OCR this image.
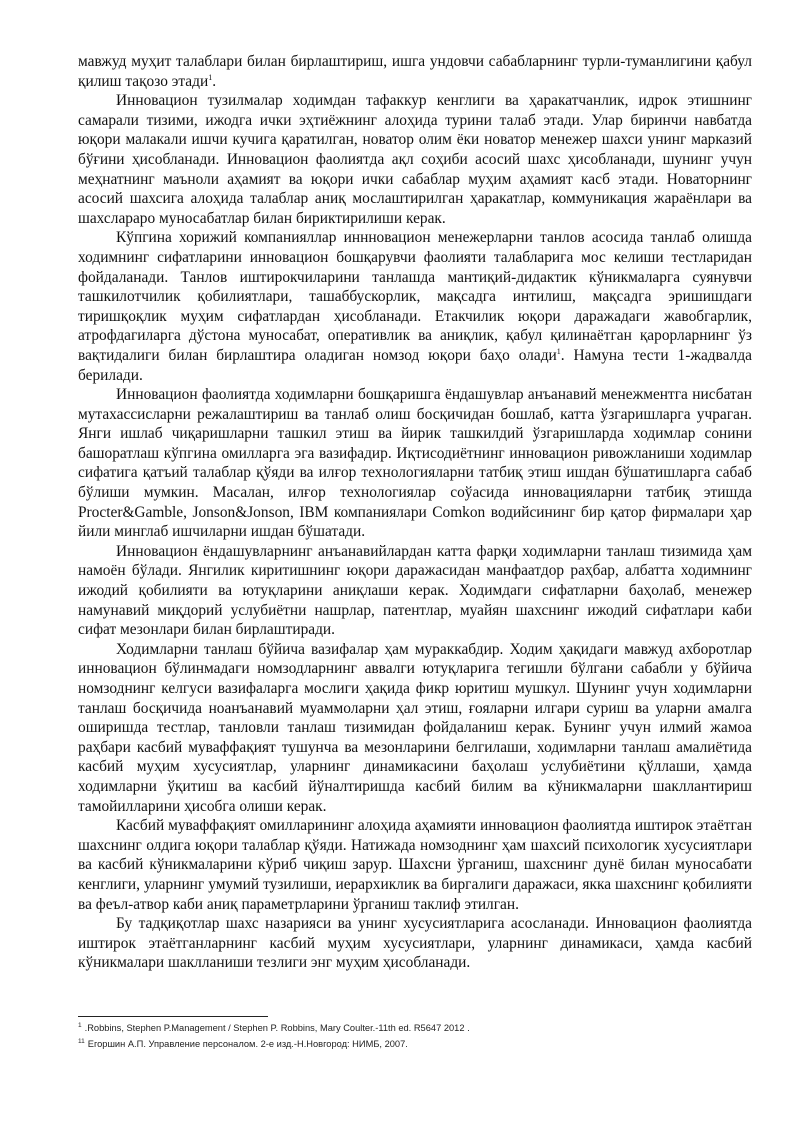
мавжуд муҳит талаблари билан бирлаштириш, ишга ундовчи сабабларнинг турли-туманлигини қабул қилиш тақозо этади$^1$.

Инновацион тузилмалар ходимдан тафаккур кенглиги ва ҳаракатчанлик, идрок этишнинг самарали тизими, ижодга ички эҳтиёжнинг алоҳида турини талаб этади. Улар биринчи навбатда юқори малакали ишчи кучига қаратилган, новатор олим ёки новатор менежер шахси унинг марказий бўғини ҳисобланади. Инновацион фаолиятда ақл соҳиби асосий шахс ҳисобланади, шунинг учун меҳнатнинг маъноли аҳамият ва юқори ички сабаблар муҳим аҳамият касб этади. Новаторнинг асосий шахсига алоҳида талаблар аниқ мослаштирилган ҳаракатлар, коммуникация жараёнлари ва шахслараро муносабатлар билан бириктирилиши керак.

Кўпгина хорижий компанияллар иннновацион менежерларни танлов асосида танлаб олишда ходимнинг сифатларини инновацион бошқарувчи фаолияти талабларига мос келиши тестларидан фойдаланади. Танлов иштирокчиларини танлашда мантиқий-дидактик кўникмаларга суянувчи ташкилотчилик қобилиятлари, ташаббускорлик, мақсадга интилиш, мақсадга эришишдаги тиришқоқлик муҳим сифатлардан ҳисобланади. Етакчилик юқори даражадаги жавобгарлик, атрофдагиларга дўстона муносабат, оперативлик ва аниқлик, қабул қилинаётган қарорларнинг ўз вақтидалиги билан бирлаштира оладиган номзод юқори баҳо олади$^1$. Намуна тести 1-жадвалда берилади.

Инновацион фаолиятда ходимларни бошқаришга ёндашувлар анъанавий менежментга нисбатан мутахассисларни режалаштириш ва танлаб олиш босқичидан бошлаб, катта ўзгаришларга учраган. Янги ишлаб чиқаришларни ташкил этиш ва йирик ташкилдий ўзгаришларда ходимлар сонини башоратлаш кўпгина омилларга эга вазифадир. Иқтисодиётнинг инновацион ривожланиши ходимлар сифатига қатъий талаблар қўяди ва илғор технологияларни татбиқ этиш ишдан бўшатишларга сабаб бўлиши мумкин. Масалан, илғор технологиялар соўасида инновацияларни татбиқ этишда Procter&Gamble, Jonson&Jonson, IBM компаниялари Comkon водийсининг бир қатор фирмалари ҳар йили минглаб ишчиларни ишдан бўшатади.

Инновацион ёндашувларнинг анъанавийлардан катта фарқи ходимларни танлаш тизимида ҳам намоён бўлади. Янгилик киритишнинг юқори даражасидан манфаатдор раҳбар, албатта ходимнинг ижодий қобилияти ва ютуқларини аниқлаши керак. Ходимдаги сифатларни баҳолаб, менежер намунавий миқдорий услубиётни нашрлар, патентлар, муайян шахснинг ижодий сифатлари каби сифат мезонлари билан бирлаштиради.

Ходимларни танлаш бўйича вазифалар ҳам мураккабдир. Ходим ҳақидаги мавжуд ахборотлар инновацион бўлинмадаги номзодларнинг аввалги ютуқларига тегишли бўлгани сабабли у бўйича номзоднинг келгуси вазифаларга мослиги ҳақида фикр юритиш мушкул. Шунинг учун ходимларни танлаш босқичида ноанъанавий муаммоларни ҳал этиш, ғояларни илгари суриш ва уларни амалга оширишда тестлар, танловли танлаш тизимидан фойдаланиш керак. Бунинг учун илмий жамоа раҳбари касбий муваффақият тушунча ва мезонларини белгилаши, ходимларни танлаш амалиётида касбий муҳим хусусиятлар, уларнинг динамикасини баҳолаш услубиётини қўллаши, ҳамда ходимларни ўқитиш ва касбий йўналтиришда касбий билим ва кўникмаларни шакллантириш тамойилларини ҳисобга олиши керак.

Касбий муваффақият омилларининг алоҳида аҳамияти инновацион фаолиятда иштирок этаётган шахснинг олдига юқори талаблар қўяди. Натижада номзоднинг ҳам шахсий психологик хусусиятлари ва касбий кўникмаларини кўриб чиқиш зарур. Шахсни ўрганиш, шахснинг дунё билан муносабати кенглиги, уларнинг умумий тузилиши, иерархиклик ва биргалиги даражаси, якка шахснинг қобилияти ва феъл-атвор каби аниқ параметрларини ўрганиш таклиф этилган.

Бу тадқиқотлар шахс назарияси ва унинг хусусиятларига асосланади. Инновацион фаолиятда иштирок этаётганларнинг касбий муҳим хусусиятлари, уларнинг динамикаси, ҳамда касбий кўникмалари шаклланиши тезлиги энг муҳим ҳисобланади.

$^1$ .Robbins, Stephen P.Management / Stephen P. Robbins, Mary Coulter.-11th ed. R5647 2012 .
$^{11}$ Егоршин А.П. Управление персоналом. 2-е изд.-Н.Новгород: НИМБ, 2007.
